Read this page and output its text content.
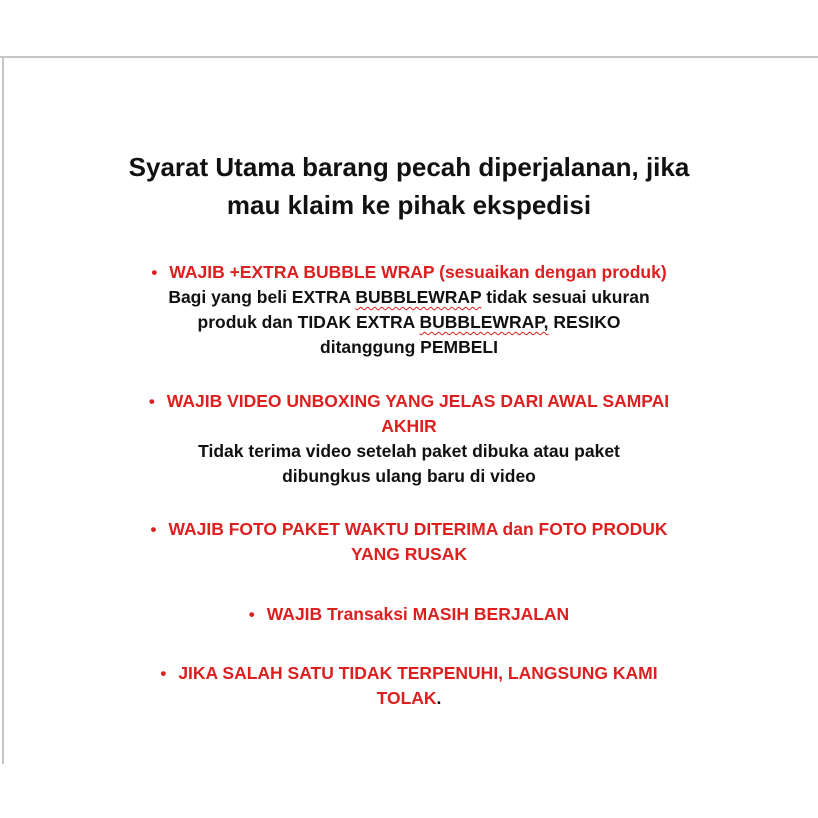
Syarat Utama barang pecah diperjalanan, jika
mau klaim ke pihak ekspedisi
• WAJIB +EXTRA BUBBLE WRAP (sesuaikan dengan produk)
Bagi yang beli EXTRA BUBBLEWRAP tidak sesuai ukuran
produk dan TIDAK EXTRA BUBBLEWRAP, RESIKO
ditanggung PEMBELI
• WAJIB VIDEO UNBOXING YANG JELAS DARI AWAL SAMPAI
AKHIR
Tidak terima video setelah paket dibuka atau paket
dibungkus ulang baru di video
• WAJIB FOTO PAKET WAKTU DITERIMA dan FOTO PRODUK
YANG RUSAK
• WAJIB Transaksi MASIH BERJALAN
• JIKA SALAH SATU TIDAK TERPENUHI, LANGSUNG KAMI
TOLAK.
